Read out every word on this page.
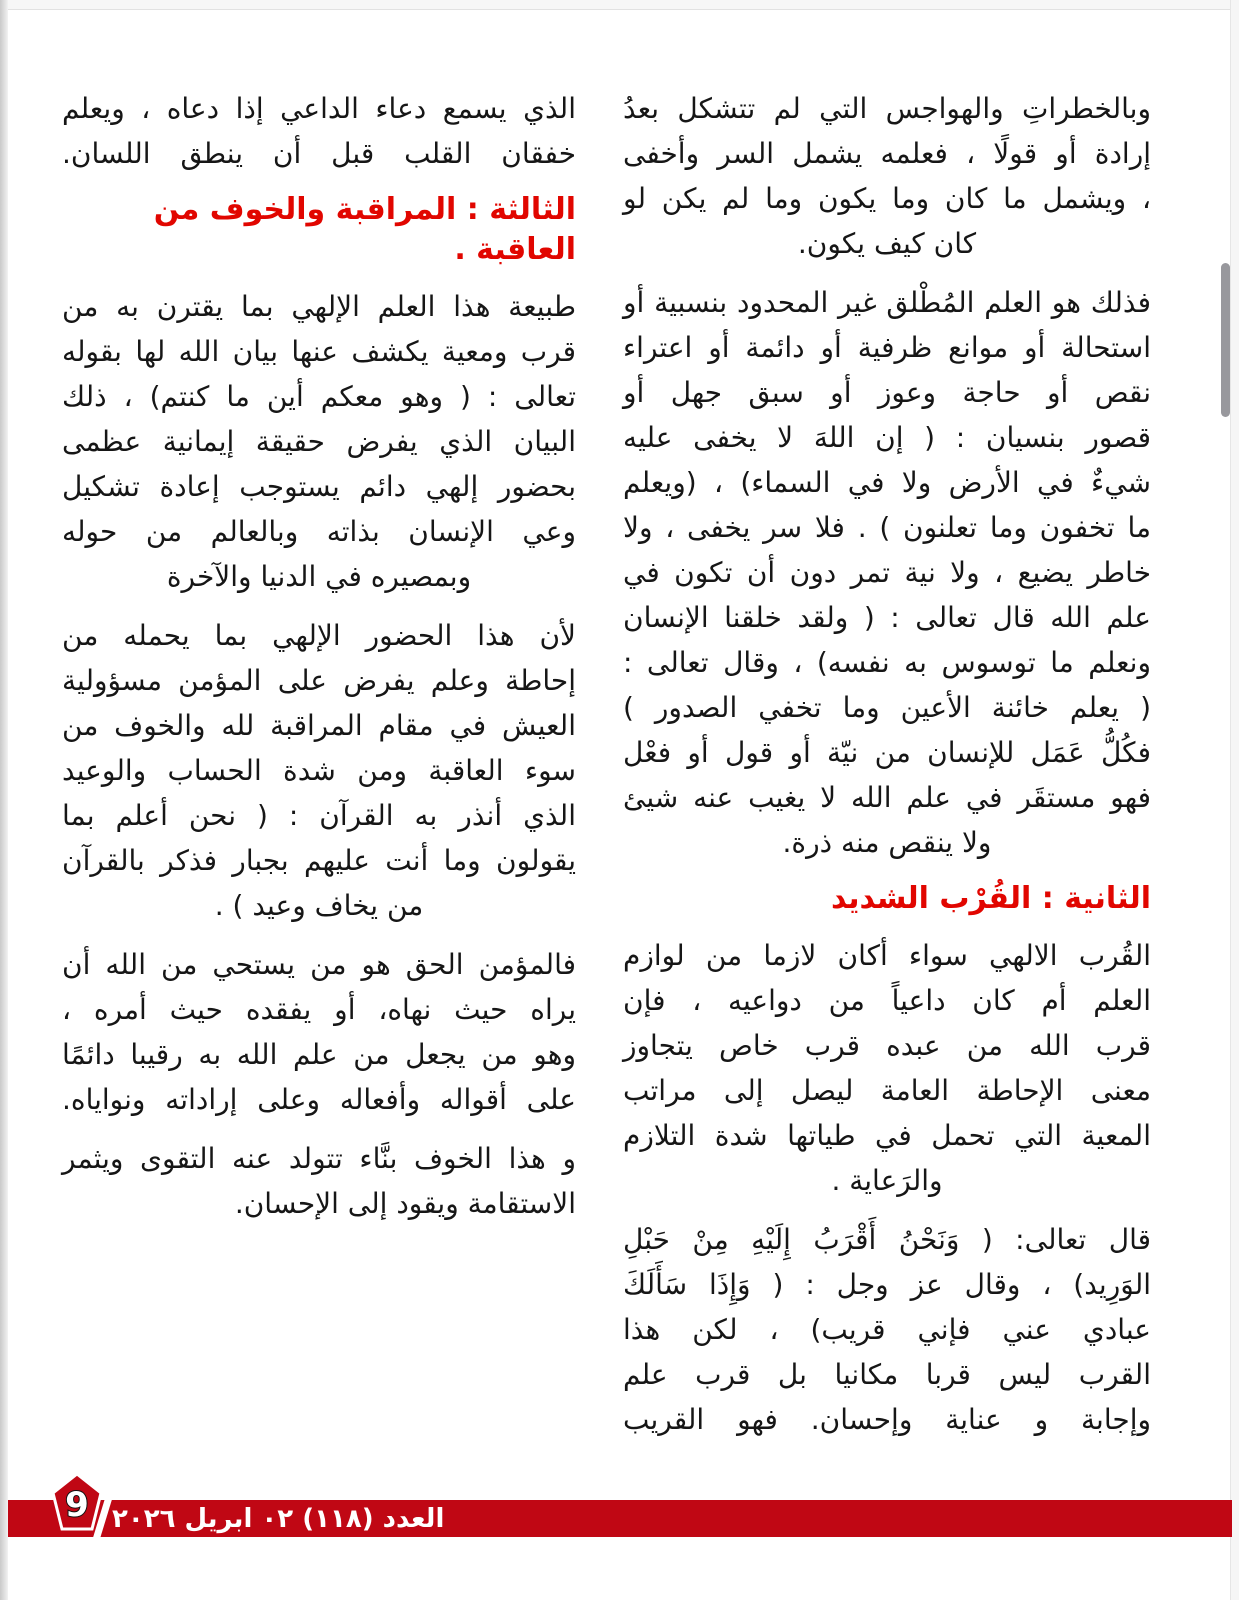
وبالخطراتِ والهواجس التي لم تتشكل بعدُ
إرادة أو قولًا ، فعلمه يشمل السر وأخفى
، ويشمل ما كان وما يكون وما لم يكن لو
كان كيف يكون.
فذلك هو العلم المُطْلق غير المحدود بنسبية أو
استحالة أو موانع ظرفية أو دائمة أو اعتراء
نقص أو حاجة وعوز أو سبق جهل أو
قصور بنسيان : ( إن اللهَ لا يخفى عليه
شيءٌ في الأرض ولا في السماء) ، (ويعلم
ما تخفون وما تعلنون ) . فلا سر يخفى ، ولا
خاطر يضيع ، ولا نية تمر دون أن تكون في
علم الله قال تعالى : ( ولقد خلقنا الإنسان
ونعلم ما توسوس به نفسه) ، وقال تعالى :
( يعلم خائنة الأعين وما تخفي الصدور )
فكُلُّ عَمَل للإنسان من نيّة أو قول أو فعْل
فهو مستقَر في علم الله لا يغيب عنه شيئ
ولا ينقص منه ذرة.
الثانية : القُرْب الشديد
القُرب الالهي سواء أكان لازما من لوازم
العلم أم كان داعياً من دواعيه ، فإن
قرب الله من عبده قرب خاص يتجاوز
معنى الإحاطة العامة ليصل إلى مراتب
المعية التي تحمل في طياتها شدة التلازم
والرَعاية .
قال تعالى: ( وَنَحْنُ أَقْرَبُ إِلَيْهِ مِنْ حَبْلِ
الوَرِيد) ، وقال عز وجل : ( وَإِذَا سَأَلَكَ
عبادي عني فإني قريب) ، لكن هذا
القرب ليس قربا مكانيا بل قرب علم
وإجابة و عناية وإحسان. فهو القريب
الذي يسمع دعاء الداعي إذا دعاه ، ويعلم
خفقان القلب قبل أن ينطق اللسان.
الثالثة : المراقبة والخوف من العاقبة .
طبيعة هذا العلم الإلهي بما يقترن به من
قرب ومعية يكشف عنها بيان الله لها بقوله
تعالى : ( وهو معكم أين ما كنتم) ، ذلك
البيان الذي يفرض حقيقة إيمانية عظمى
بحضور إلهي دائم يستوجب إعادة تشكيل
وعي الإنسان بذاته وبالعالم من حوله
وبمصيره في الدنيا والآخرة
لأن هذا الحضور الإلهي بما يحمله من
إحاطة وعلم يفرض على المؤمن مسؤولية
العيش في مقام المراقبة لله والخوف من
سوء العاقبة ومن شدة الحساب والوعيد
الذي أنذر به القرآن : ( نحن أعلم بما
يقولون وما أنت عليهم بجبار فذكر بالقرآن
من يخاف وعيد ) .
فالمؤمن الحق هو من يستحي من الله أن
يراه حيث نهاه، أو يفقده حيث أمره ،
وهو من يجعل من علم الله به رقيبا دائمًا
على أقواله وأفعاله وعلى إراداته ونواياه.
و هذا الخوف بنَّاء تتولد عنه التقوى ويثمر
الاستقامة ويقود إلى الإحسان.
العدد (١١٨) ٠٢ ابريل ٢٠٢٦
9
